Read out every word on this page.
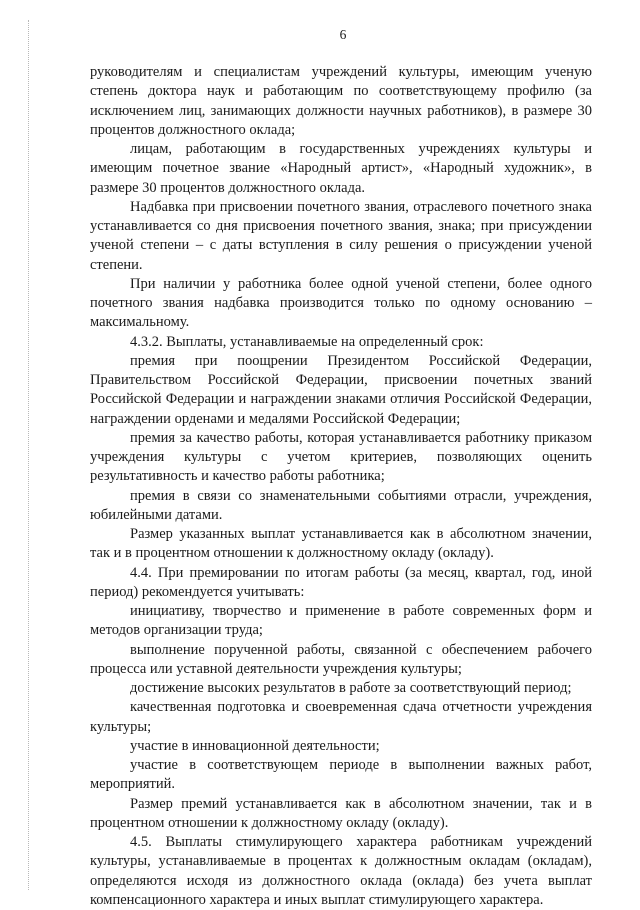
6

руководителям и специалистам учреждений культуры, имеющим ученую степень доктора наук и работающим по соответствующему профилю (за исключением лиц, занимающих должности научных работников), в размере 30 процентов должностного оклада;

лицам, работающим в государственных учреждениях культуры и имеющим почетное звание «Народный артист», «Народный художник», в размере 30 процентов должностного оклада.

Надбавка при присвоении почетного звания, отраслевого почетного знака устанавливается со дня присвоения почетного звания, знака; при присуждении ученой степени – с даты вступления в силу решения о присуждении ученой степени.

При наличии у работника более одной ученой степени, более одного почетного звания надбавка производится только по одному основанию – максимальному.

4.3.2. Выплаты, устанавливаемые на определенный срок:

премия при поощрении Президентом Российской Федерации, Правительством Российской Федерации, присвоении почетных званий Российской Федерации и награждении знаками отличия Российской Федерации, награждении орденами и медалями Российской Федерации;

премия за качество работы, которая устанавливается работнику приказом учреждения культуры с учетом критериев, позволяющих оценить результативность и качество работы работника;

премия в связи со знаменательными событиями отрасли, учреждения, юбилейными датами.

Размер указанных выплат устанавливается как в абсолютном значении, так и в процентном отношении к должностному окладу (окладу).

4.4. При премировании по итогам работы (за месяц, квартал, год, иной период) рекомендуется учитывать:

инициативу, творчество и применение в работе современных форм и методов организации труда;

выполнение порученной работы, связанной с обеспечением рабочего процесса или уставной деятельности учреждения культуры;

достижение высоких результатов в работе за соответствующий период;

качественная подготовка и своевременная сдача отчетности учреждения культуры;

участие в инновационной деятельности;

участие в соответствующем периоде в выполнении важных работ, мероприятий.

Размер премий устанавливается как в абсолютном значении, так и в процентном отношении к должностному окладу (окладу).

4.5. Выплаты стимулирующего характера работникам учреждений культуры, устанавливаемые в процентах к должностным окладам (окладам), определяются исходя из должностного оклада (оклада) без учета выплат компенсационного характера и иных выплат стимулирующего характера.
